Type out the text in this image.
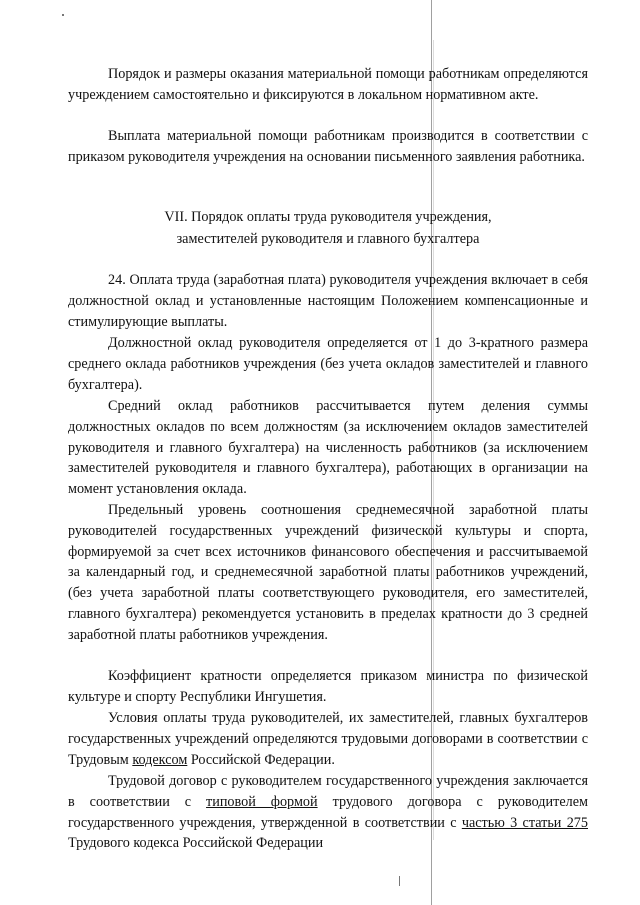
Порядок и размеры оказания материальной помощи работникам определяются учреждением самостоятельно и фиксируются в локальном нормативном акте.

Выплата материальной помощи работникам производится в соответствии с приказом руководителя учреждения на основании письменного заявления работника.

VII. Порядок оплаты труда руководителя учреждения,

заместителей руководителя и главного бухгалтера

24. Оплата труда (заработная плата) руководителя учреждения включает в себя должностной оклад и установленные настоящим Положением компенсационные и стимулирующие выплаты.

Должностной оклад руководителя определяется от 1 до 3-кратного размера среднего оклада работников учреждения (без учета окладов заместителей и главного бухгалтера).

Средний оклад работников рассчитывается путем деления суммы должностных окладов по всем должностям (за исключением окладов заместителей руководителя и главного бухгалтера) на численность работников (за исключением заместителей руководителя и главного бухгалтера), работающих в организации на момент установления оклада.

Предельный уровень соотношения среднемесячной заработной платы руководителей государственных учреждений физической культуры и спорта, формируемой за счет всех источников финансового обеспечения и рассчитываемой за календарный год, и среднемесячной заработной платы работников учреждений, (без учета заработной платы соответствующего руководителя, его заместителей, главного бухгалтера) рекомендуется установить в пределах кратности до 3 средней заработной платы работников учреждения.

Коэффициент кратности определяется приказом министра по физической культуре и спорту Республики Ингушетия.

Условия оплаты труда руководителей, их заместителей, главных бухгалтеров государственных учреждений определяются трудовыми договорами в соответствии с Трудовым кодексом Российской Федерации.

Трудовой договор с руководителем государственного учреждения заключается в соответствии с типовой формой трудового договора с руководителем государственного учреждения, утвержденной в соответствии с частью 3 статьи 275 Трудового кодекса Российской Федерации
